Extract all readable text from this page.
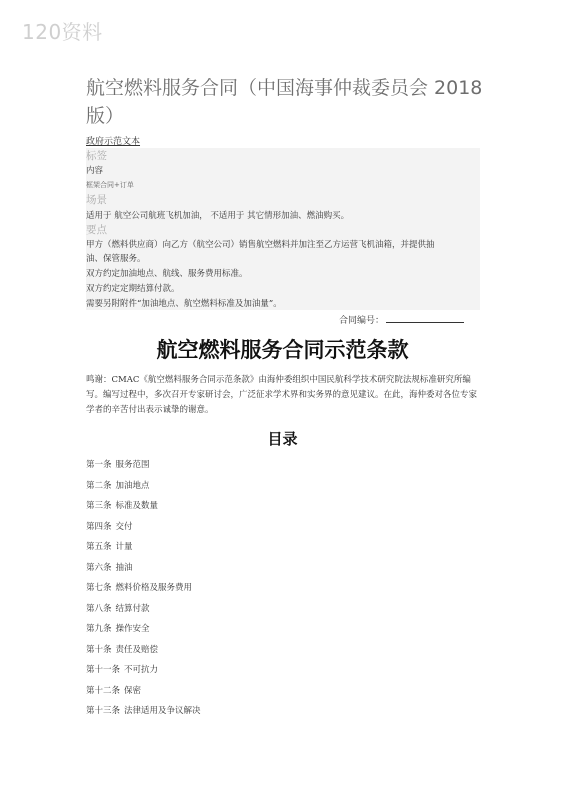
120资料
航空燃料服务合同（中国海事仲裁委员会 2018 版）
政府示范文本
标签
内容
框架合同+订单
场景
适用于 航空公司航班飞机加油， 不适用于 其它情形加油、燃油购买。
要点
甲方（燃料供应商）向乙方（航空公司）销售航空燃料并加注至乙方运营飞机油箱，并提供抽
油、保管服务。
双方约定加油地点、航线、服务费用标准。
双方约定定期结算付款。
需要另附附件“加油地点、航空燃料标准及加油量”。
合同编号：
航空燃料服务合同示范条款

鸣谢：CMAC《航空燃料服务合同示范条款》由海仲委组织中国民航科学技术研究院法规标准研究所编写。编写过程中，多次召开专家研讨会，广泛征求学术界和实务界的意见建议。在此，海仲委对各位专家学者的辛苦付出表示诚挚的谢意。

目录
第一条 服务范围
第二条 加油地点
第三条 标准及数量
第四条 交付
第五条 计量
第六条 抽油
第七条 燃料价格及服务费用
第八条 结算付款
第九条 操作安全
第十条 责任及赔偿
第十一条 不可抗力
第十二条 保密
第十三条 法律适用及争议解决
